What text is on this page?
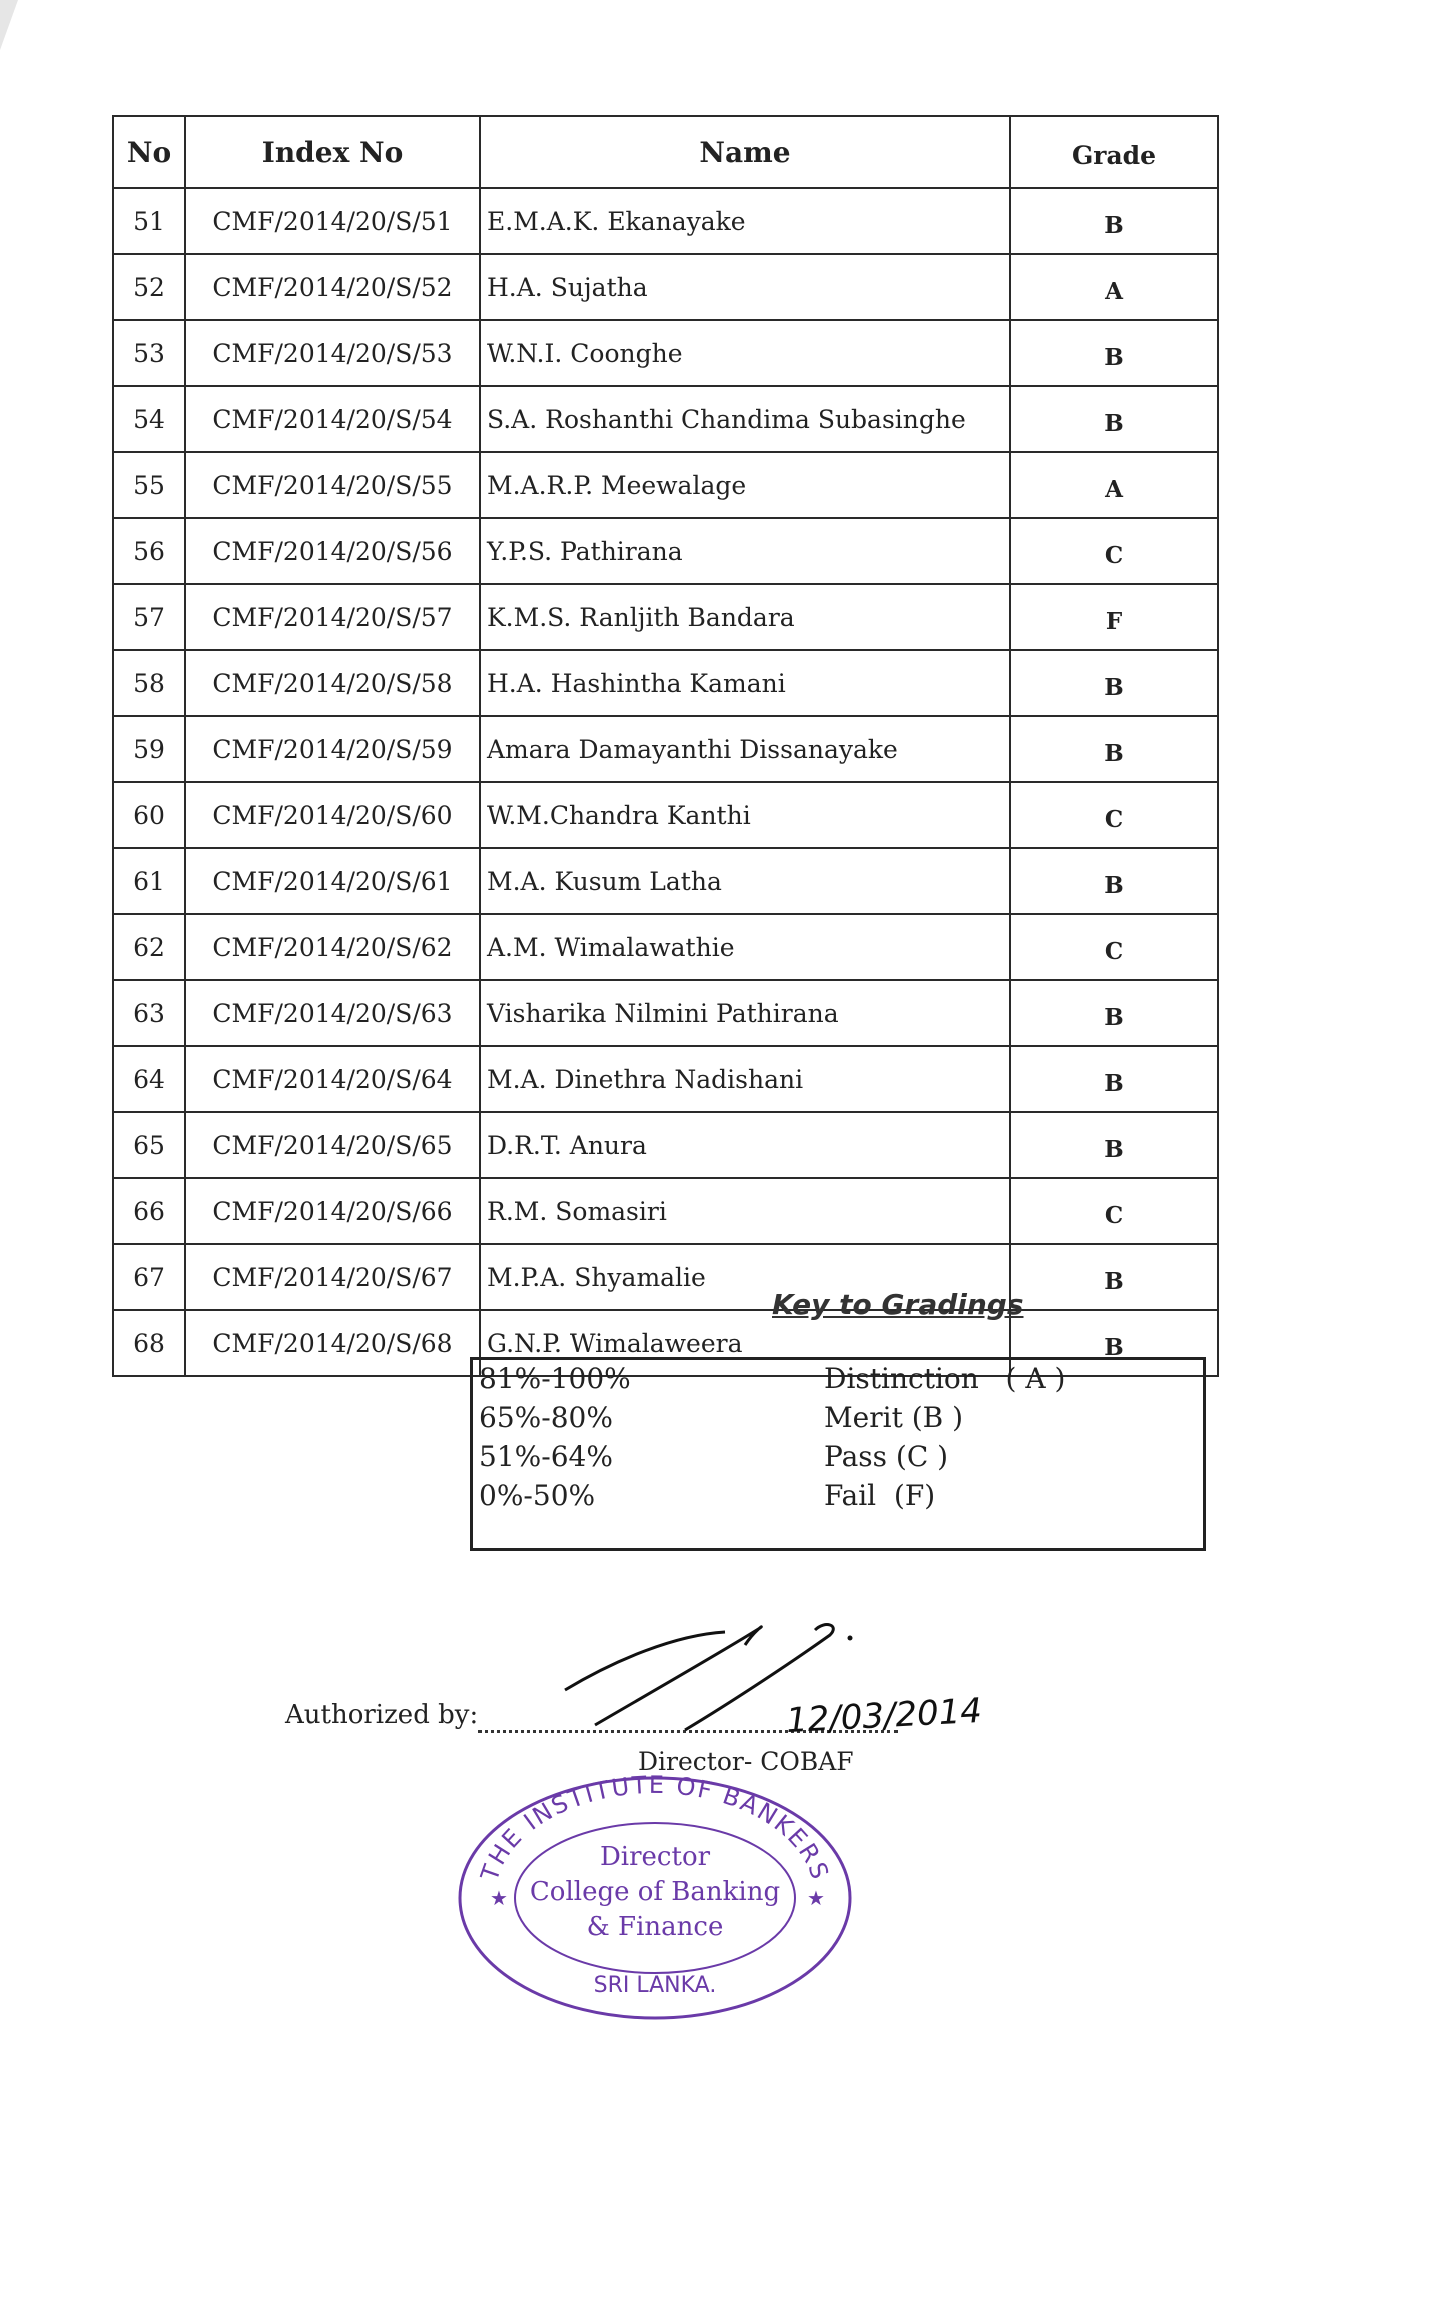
No	Index No	Name	Grade
51	CMF/2014/20/S/51	E.M.A.K. Ekanayake	B
52	CMF/2014/20/S/52	H.A. Sujatha	A
53	CMF/2014/20/S/53	W.N.I. Coonghe	B
54	CMF/2014/20/S/54	S.A. Roshanthi Chandima Subasinghe	B
55	CMF/2014/20/S/55	M.A.R.P. Meewalage	A
56	CMF/2014/20/S/56	Y.P.S. Pathirana	C
57	CMF/2014/20/S/57	K.M.S. Ranljith Bandara	F
58	CMF/2014/20/S/58	H.A. Hashintha Kamani	B
59	CMF/2014/20/S/59	Amara Damayanthi Dissanayake	B
60	CMF/2014/20/S/60	W.M.Chandra Kanthi	C
61	CMF/2014/20/S/61	M.A. Kusum Latha	B
62	CMF/2014/20/S/62	A.M. Wimalawathie	C
63	CMF/2014/20/S/63	Visharika Nilmini Pathirana	B
64	CMF/2014/20/S/64	M.A. Dinethra Nadishani	B
65	CMF/2014/20/S/65	D.R.T. Anura	B
66	CMF/2014/20/S/66	R.M. Somasiri	C
67	CMF/2014/20/S/67	M.P.A. Shyamalie	B
68	CMF/2014/20/S/68	G.N.P. Wimalaweera	B
Key to Gradings
81%-100%	Distinction   ( A )
65%-80%	Merit (B )
51%-64%	Pass (C )
0%-50%	Fail  (F)
Authorized by:	12/03/2014
Director- COBAF
THE INSTITUTE OF BANKERS
SRI LANKA.
Director
College of Banking
& Finance
★	★
